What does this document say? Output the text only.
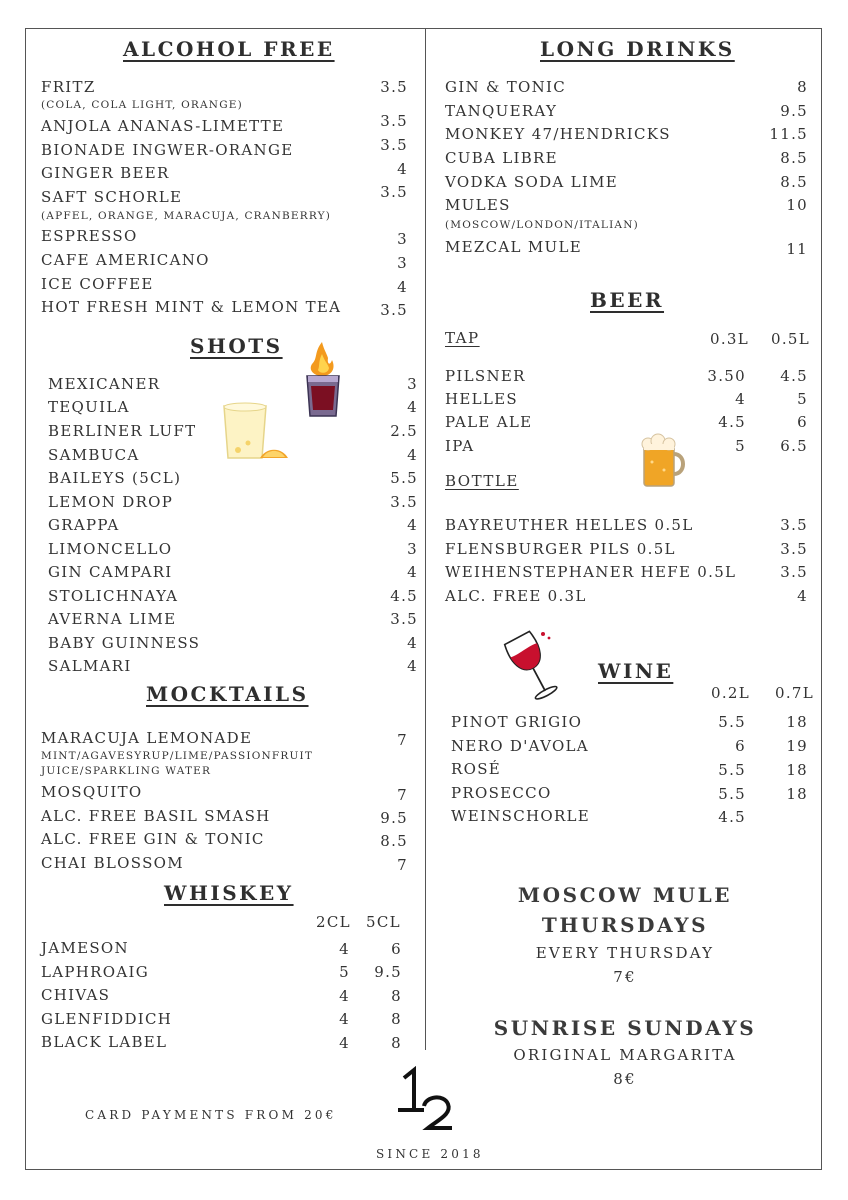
ALCOHOL FREE
FRITZ	3.5
(COLA, COLA LIGHT, ORANGE)
ANJOLA ANANAS-LIMETTE	3.5
BIONADE INGWER-ORANGE	3.5
GINGER BEER	4
SAFT SCHORLE	3.5
(APFEL, ORANGE, MARACUJA, CRANBERRY)
ESPRESSO	3
CAFE AMERICANO	3
ICE COFFEE	4
HOT FRESH MINT & LEMON TEA	3.5
SHOTS
MEXICANER	3
TEQUILA	4
BERLINER LUFT	2.5
SAMBUCA	4
BAILEYS (5CL)	5.5
LEMON DROP	3.5
GRAPPA	4
LIMONCELLO	3
GIN CAMPARI	4
STOLICHNAYA	4.5
AVERNA LIME	3.5
BABY GUINNESS	4
SALMARI	4
MOCKTAILS
MARACUJA LEMONADE	7
MINT/AGAVESYRUP/LIME/PASSIONFRUIT
JUICE/SPARKLING WATER
MOSQUITO	7
ALC. FREE BASIL SMASH	9.5
ALC. FREE GIN & TONIC	8.5
CHAI BLOSSOM	7
WHISKEY
2CL 5CL
JAMESON	4	6
LAPHROAIG	5	9.5
CHIVAS	4	8
GLENFIDDICH	4	8
BLACK LABEL	4	8
LONG DRINKS
GIN & TONIC	8
TANQUERAY	9.5
MONKEY 47/HENDRICKS	11.5
CUBA LIBRE	8.5
VODKA SODA LIME	8.5
MULES	10
(MOSCOW/LONDON/ITALIAN)
MEZCAL MULE	11
BEER
TAP	0.3L 0.5L
PILSNER	3.50	4.5
HELLES	4	5
PALE ALE	4.5	6
IPA	5	6.5
BOTTLE
BAYREUTHER HELLES 0.5L	3.5
FLENSBURGER PILS 0.5L	3.5
WEIHENSTEPHANER HEFE 0.5L	3.5
ALC. FREE 0.3L	4
WINE
0.2L 0.7L
PINOT GRIGIO	5.5	18
NERO D'AVOLA	6	19
ROSÉ	5.5	18
PROSECCO	5.5	18
WEINSCHORLE	4.5
MOSCOW MULE
THURSDAYS
EVERY THURSDAY
7€
SUNRISE SUNDAYS
ORIGINAL MARGARITA
8€
CARD PAYMENTS FROM 20€
SINCE 2018
